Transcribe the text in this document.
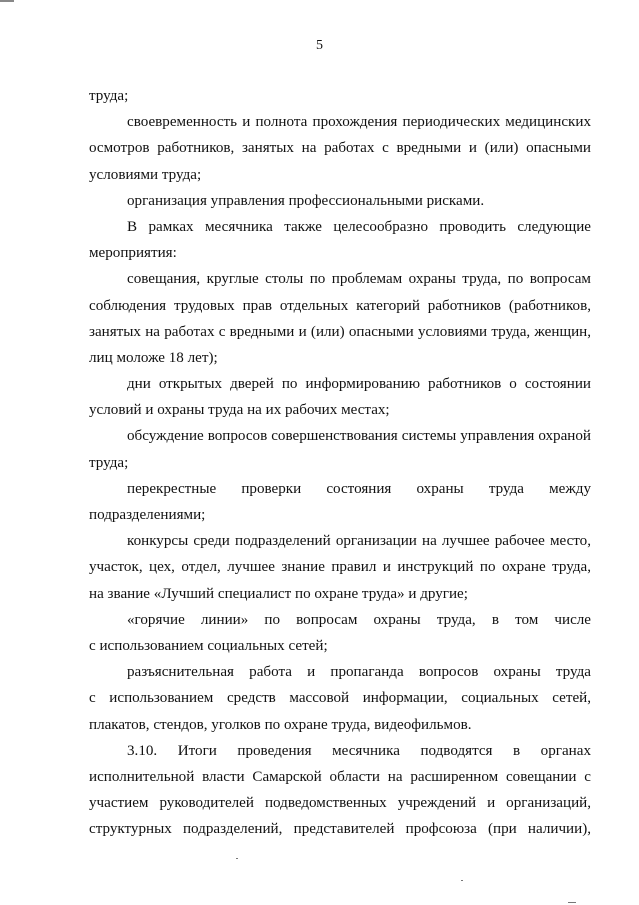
5
труда;
своевременность и полнота прохождения периодических медицинских
осмотров работников, занятых на работах с вредными и (или) опасными
условиями труда;
организация управления профессиональными рисками.
В рамках месячника также целесообразно проводить следующие
мероприятия:
совещания, круглые столы по проблемам охраны труда, по вопросам
соблюдения трудовых прав отдельных категорий работников (работников,
занятых на работах с вредными и (или) опасными условиями труда, женщин,
лиц моложе 18 лет);
дни открытых дверей по информированию работников о состоянии
условий и охраны труда на их рабочих местах;
обсуждение вопросов совершенствования системы управления охраной
труда;
перекрестные проверки состояния охраны труда между
подразделениями;
конкурсы среди подразделений организации на лучшее рабочее место,
участок, цех, отдел, лучшее знание правил и инструкций по охране труда,
на звание «Лучший специалист по охране труда» и другие;
«горячие линии» по вопросам охраны труда, в том числе
с использованием социальных сетей;
разъяснительная работа и пропаганда вопросов охраны труда
с использованием средств массовой информации, социальных сетей,
плакатов, стендов, уголков по охране труда, видеофильмов.
3.10. Итоги проведения месячника подводятся в органах
исполнительной власти Самарской области на расширенном совещании с
участием руководителей подведомственных учреждений и организаций,
структурных подразделений, представителей профсоюза (при наличии),
